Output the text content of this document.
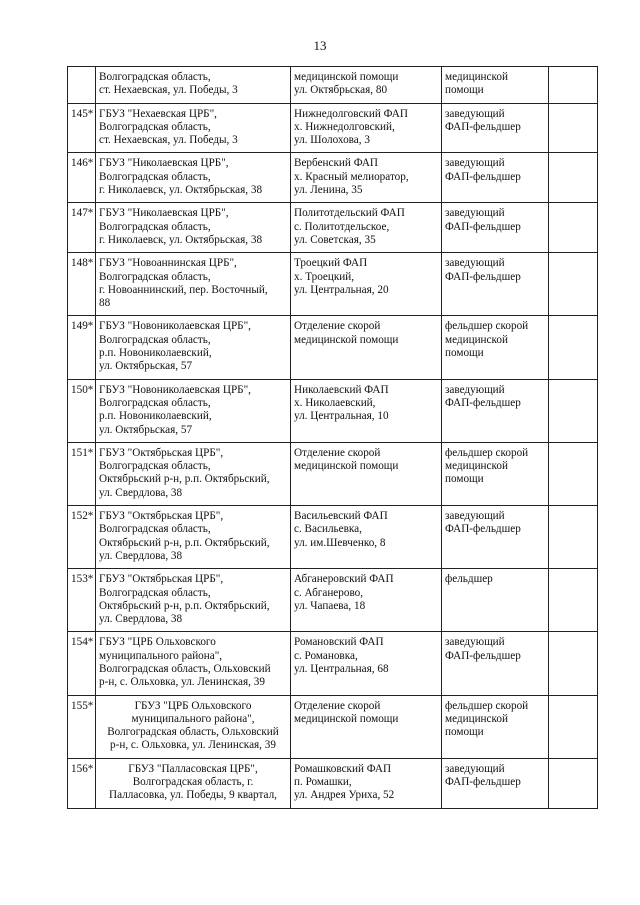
13

	Волгоградская область,
ст. Нехаевская, ул. Победы, 3	медицинской помощи
ул. Октябрьская, 80	медицинской
помощи	

145*	ГБУЗ "Нехаевская ЦРБ",
Волгоградская область,
ст. Нехаевская, ул. Победы, 3	Нижнедолговский ФАП
х. Нижнедолговский,
ул. Шолохова, 3	заведующий
ФАП-фельдшер	

146*	ГБУЗ "Николаевская ЦРБ",
Волгоградская область,
г. Николаевск, ул. Октябрьская, 38	Вербенский ФАП
х. Красный мелиоратор,
ул. Ленина, 35	заведующий
ФАП-фельдшер	

147*	ГБУЗ "Николаевская ЦРБ",
Волгоградская область,
г. Николаевск, ул. Октябрьская, 38	Политотдельский ФАП
с. Политотдельское,
ул. Советская, 35	заведующий
ФАП-фельдшер	

148*	ГБУЗ "Новоаннинская ЦРБ",
Волгоградская область,
г. Новоаннинский, пер. Восточный,
88	Троецкий ФАП
х. Троецкий,
ул. Центральная, 20	заведующий
ФАП-фельдшер	

149*	ГБУЗ "Новониколаевская ЦРБ",
Волгоградская область,
р.п. Новониколаевский,
ул. Октябрьская, 57	Отделение скорой
медицинской помощи	фельдшер скорой
медицинской
помощи	

150*	ГБУЗ "Новониколаевская ЦРБ",
Волгоградская область,
р.п. Новониколаевский,
ул. Октябрьская, 57	Николаевский ФАП
х. Николаевский,
ул. Центральная, 10	заведующий
ФАП-фельдшер	

151*	ГБУЗ "Октябрьская ЦРБ",
Волгоградская область,
Октябрьский р-н, р.п. Октябрьский,
ул. Свердлова, 38	Отделение скорой
медицинской помощи	фельдшер скорой
медицинской
помощи	

152*	ГБУЗ "Октябрьская ЦРБ",
Волгоградская область,
Октябрьский р-н, р.п. Октябрьский,
ул. Свердлова, 38	Васильевский ФАП
с. Васильевка,
ул. им.Шевченко, 8	заведующий
ФАП-фельдшер	

153*	ГБУЗ "Октябрьская ЦРБ",
Волгоградская область,
Октябрьский р-н, р.п. Октябрьский,
ул. Свердлова, 38	Абганеровский ФАП
с. Абганерово,
ул. Чапаева, 18	фельдшер	

154*	ГБУЗ "ЦРБ Ольховского
муниципального района",
Волгоградская область, Ольховский
р-н, с. Ольховка, ул. Ленинская, 39	Романовский ФАП
с. Романовка,
ул. Центральная, 68	заведующий
ФАП-фельдшер	

155*	ГБУЗ "ЦРБ Ольховского
муниципального района",
Волгоградская область, Ольховский
р-н, с. Ольховка, ул. Ленинская, 39	Отделение скорой
медицинской помощи	фельдшер скорой
медицинской
помощи	

156*	ГБУЗ "Палласовская ЦРБ",
Волгоградская область, г.
Палласовка, ул. Победы, 9 квартал,	Ромашковский ФАП
п. Ромашки,
ул. Андрея Уриха, 52	заведующий
ФАП-фельдшер	
